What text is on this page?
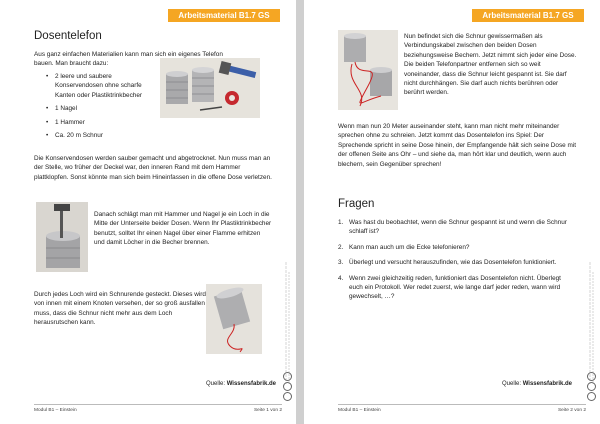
Arbeitsmaterial B1.7 GS
Dosentelefon

Aus ganz einfachen Materialien kann man sich ein eigenes Telefon bauen. Man braucht dazu:

• 2 leere und saubere Konservendosen ohne scharfe Kanten oder Plastiktrinkbecher
• 1 Nagel
• 1 Hammer
• Ca. 20 m Schnur

Die Konservendosen werden sauber gemacht und abgetrocknet. Nun muss man an der Stelle, wo früher der Deckel war, den inneren Rand mit dem Hammer plattklopfen. Sonst könnte man sich beim Hineinfassen in die offene Dose verletzen.

Danach schlägt man mit Hammer und Nagel je ein Loch in die Mitte der Unterseite beider Dosen. Wenn Ihr Plastiktrinkbecher benutzt, solltet Ihr einen Nagel über einer Flamme erhitzen und damit Löcher in die Becher brennen.

Durch jedes Loch wird ein Schnurende gesteckt. Dieses wird von innen mit einem Knoten versehen, der so groß ausfallen muss, dass die Schnur nicht mehr aus dem Loch herausrutschen kann.

Quelle: Wissensfabrik.de
Modul B1 – Einstein	Seite 1 von 2
Arbeitsmaterial B1.7 GS

Nun befindet sich die Schnur gewissermaßen als Verbindungskabel zwischen den beiden Dosen beziehungsweise Bechern. Jetzt nimmt sich jeder eine Dose. Die beiden Telefonpartner entfernen sich so weit voneinander, dass die Schnur leicht gespannt ist. Sie darf nicht durchhängen. Sie darf auch nichts berühren oder berührt werden.

Wenn man nun 20 Meter auseinander steht, kann man nicht mehr miteinander sprechen ohne zu schreien. Jetzt kommt das Dosentelefon ins Spiel: Der Sprechende spricht in seine Dose hinein, der Empfangende hält sich seine Dose mit der offenen Seite ans Ohr – und siehe da, man hört klar und deutlich, wenn auch blechern, sein Gegenüber sprechen!

Fragen
1. Was hast du beobachtet, wenn die Schnur gespannt ist und wenn die Schnur schlaff ist?
2. Kann man auch um die Ecke telefonieren?
3. Überlegt und versucht herauszufinden, wie das Dosentelefon funktioniert.
4. Wenn zwei gleichzeitig reden, funktioniert das Dosentelefon nicht. Überlegt euch ein Protokoll. Wer redet zuerst, wie lange darf jeder reden, wann wird gewechselt, …?
Quelle: Wissensfabrik.de
Modul B1 – Einstein	Seite 2 von 2
